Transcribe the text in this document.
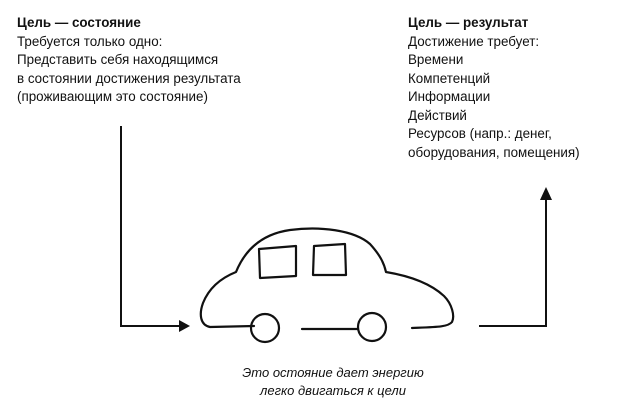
Цель — состояние
Требуется только одно:
Представить себя находящимся
в состоянии достижения результата
(проживающим это состояние)
Цель — результат
Достижение требует:
Времени
Компетенций
Информации
Действий
Ресурсов (напр.: денег,
оборудования, помещения)
Это остояние дает энергию
легко двигаться к цели
